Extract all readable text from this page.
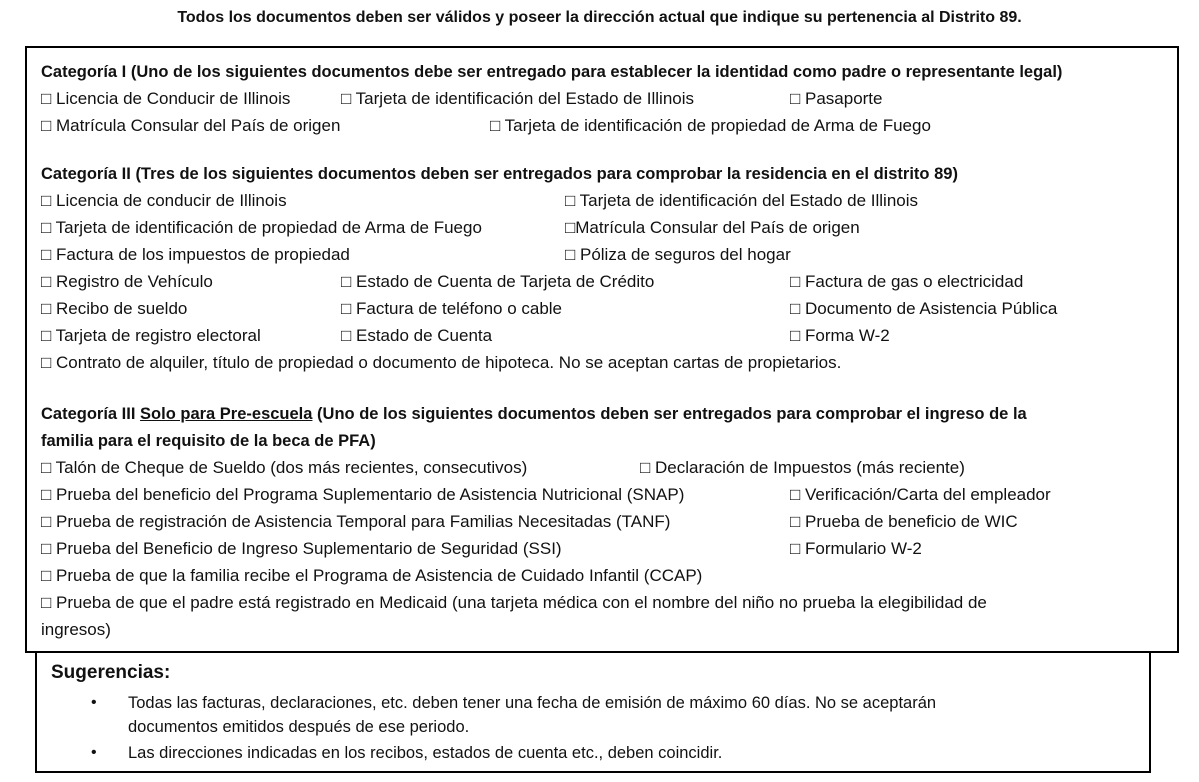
Todos los documentos deben ser válidos y poseer la dirección actual que indique su pertenencia al Distrito 89.
Categoría I (Uno de los siguientes documentos debe ser entregado para establecer la identidad como padre o representante legal)
□ Licencia de Conducir de Illinois	□ Tarjeta de identificación del Estado de Illinois	□ Pasaporte
□ Matrícula Consular del País de origen	□ Tarjeta de identificación de propiedad de Arma de Fuego
Categoría II (Tres de los siguientes documentos deben ser entregados para comprobar la residencia en el distrito 89)
□ Licencia de conducir de Illinois	□ Tarjeta de identificación del Estado de Illinois
□ Tarjeta de identificación de propiedad de Arma de Fuego	□Matrícula Consular del País de origen
□ Factura de los impuestos de propiedad	□ Póliza de seguros del hogar
□ Registro de Vehículo	□ Estado de Cuenta de Tarjeta de Crédito	□ Factura de gas o electricidad
□ Recibo de sueldo	□ Factura de teléfono o cable	□ Documento de Asistencia Pública
□ Tarjeta de registro electoral	□ Estado de Cuenta	□ Forma W-2
□ Contrato de alquiler, título de propiedad o documento de hipoteca. No se aceptan cartas de propietarios.
Categoría III Solo para Pre-escuela (Uno de los siguientes documentos deben ser entregados para comprobar el ingreso de la
familia para el requisito de la beca de PFA)
□ Talón de Cheque de Sueldo (dos más recientes, consecutivos)	□ Declaración de Impuestos (más reciente)
□ Prueba del beneficio del Programa Suplementario de Asistencia Nutricional (SNAP)	□ Verificación/Carta del empleador
□ Prueba de registración de Asistencia Temporal para Familias Necesitadas (TANF)	□ Prueba de beneficio de WIC
□ Prueba del Beneficio de Ingreso Suplementario de Seguridad (SSI)	□ Formulario W-2
□ Prueba de que la familia recibe el Programa de Asistencia de Cuidado Infantil (CCAP)
□ Prueba de que el padre está registrado en Medicaid (una tarjeta médica con el nombre del niño no prueba la elegibilidad de
ingresos)
Sugerencias:
• Todas las facturas, declaraciones, etc. deben tener una fecha de emisión de máximo 60 días. No se aceptarán
documentos emitidos después de ese periodo.
• Las direcciones indicadas en los recibos, estados de cuenta etc., deben coincidir.
